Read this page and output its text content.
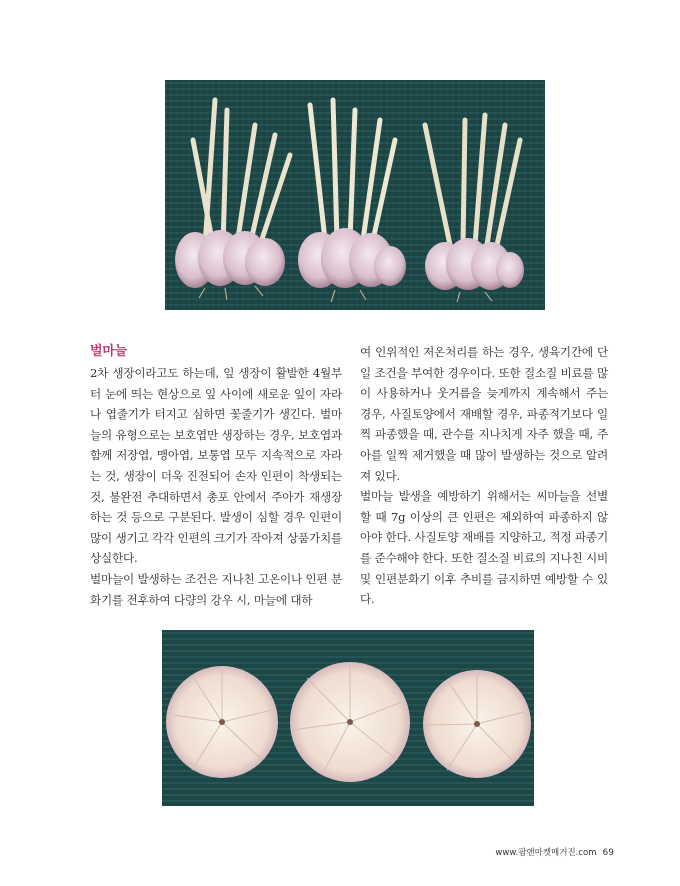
벌마늘

2차 생장이라고도 하는데, 잎 생장이 활발한 4월부터 눈에 띄는 현상으로 잎 사이에 새로운 잎이 자라나 엽줄기가 터지고 심하면 꽃줄기가 생긴다. 벌마늘의 유형으로는 보호엽만 생장하는 경우, 보호엽과 함께 저장엽, 맹아엽, 보통엽 모두 지속적으로 자라는 것, 생장이 더욱 진전되어 손자 인편이 착생되는 것, 불완전 추대하면서 총포 안에서 주아가 재생장하는 것 등으로 구분된다. 발생이 심할 경우 인편이 많이 생기고 각각 인편의 크기가 작아져 상품가치를 상실한다.

벌마늘이 발생하는 조건은 지나친 고온이나 인편 분화기를 전후하여 다량의 강우 시, 마늘에 대하

여 인위적인 저온처리를 하는 경우, 생육기간에 단일 조건을 부여한 경우이다. 또한 질소질 비료를 많이 사용하거나 웃거름을 늦게까지 계속해서 주는 경우, 사질토양에서 재배할 경우, 파종적기보다 일찍 파종했을 때, 관수를 지나치게 자주 했을 때, 주아를 일찍 제거했을 때 많이 발생하는 것으로 알려져 있다.

벌마늘 발생을 예방하기 위해서는 씨마늘을 선별할 때 7g 이상의 큰 인편은 제외하여 파종하지 않아야 한다. 사질토양 재배를 지양하고, 적정 파종기를 준수해야 한다. 또한 질소질 비료의 지나친 시비 및 인편분화기 이후 추비를 금지하면 예방할 수 있다.

www.팜앤마켓매거진.com 69
